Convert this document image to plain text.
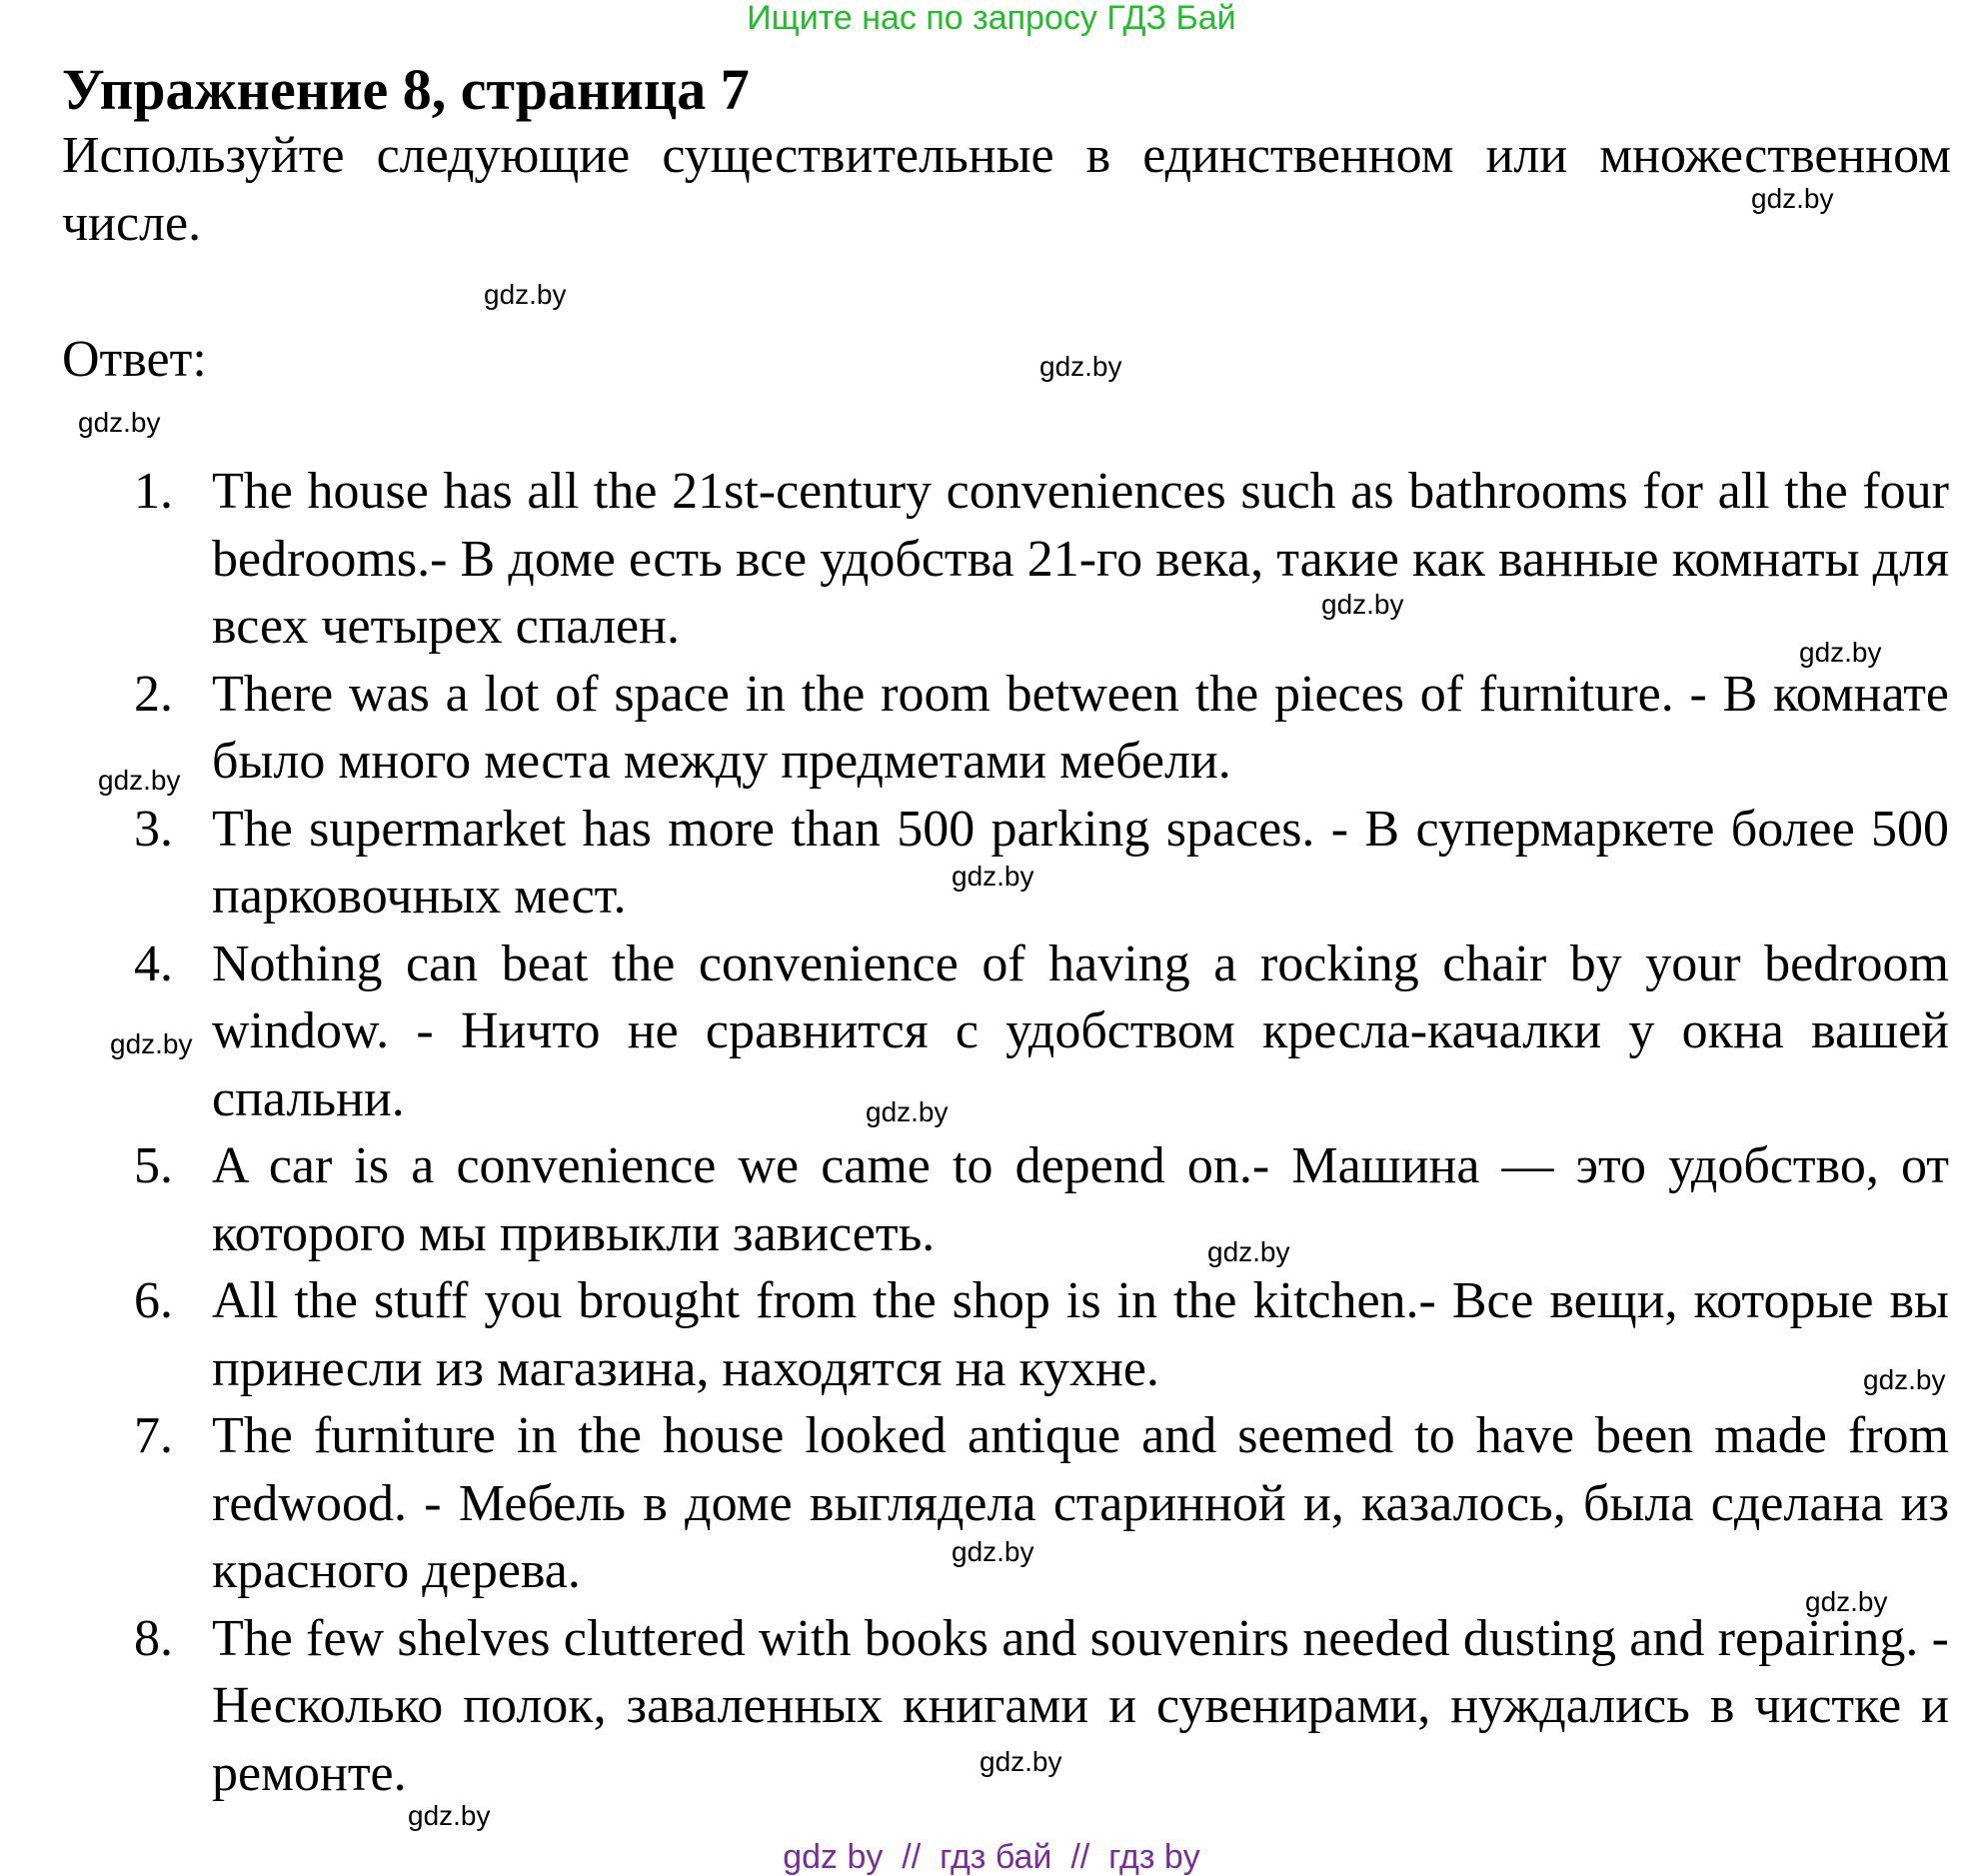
Ищите нас по запросу ГДЗ Бай
Упражнение 8, страница 7
Используйте следующие существительные в единственном или множественном числе.
Ответ:
1. The house has all the 21st-century conveniences such as bathrooms for all the four bedrooms.- В доме есть все удобства 21-го века, такие как ванные комнаты для всех четырех спален.
2. There was a lot of space in the room between the pieces of furniture. - В комнате было много места между предметами мебели.
3. The supermarket has more than 500 parking spaces. - В супермаркете более 500 парковочных мест.
4. Nothing can beat the convenience of having a rocking chair by your bedroom window. - Ничто не сравнится с удобством кресла-качалки у окна вашей спальни.
5. A car is a convenience we came to depend on.- Машина — это удобство, от которого мы привыкли зависеть.
6. All the stuff you brought from the shop is in the kitchen.- Все вещи, которые вы принесли из магазина, находятся на кухне.
7. The furniture in the house looked antique and seemed to have been made from redwood. - Мебель в доме выглядела старинной и, казалось, была сделана из красного дерева.
8. The few shelves cluttered with books and souvenirs needed dusting and repairing. - Несколько полок, заваленных книгами и сувенирами, нуждались в чистке и ремонте.
gdz.by
gdz.by
gdz.by
gdz.by
gdz.by
gdz.by
gdz.by
gdz.by
gdz.by
gdz.by
gdz.by
gdz.by
gdz.by
gdz.by
gdz.by
gdz.by
gdz by  //  гдз бай  //  гдз by
